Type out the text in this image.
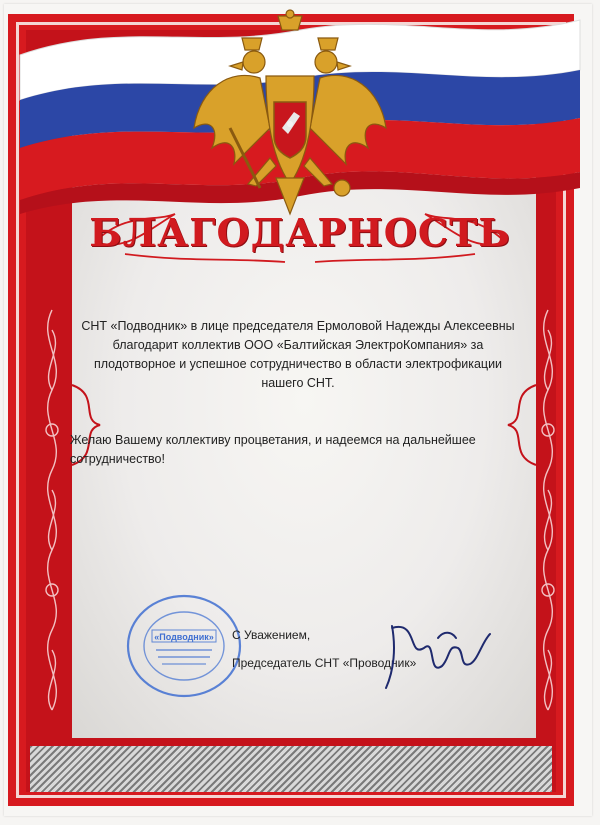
БЛАГОДАРНОСТЬ
СНТ «Подводник» в лице председателя Ермоловой Надежды Алексеевны благодарит коллектив ООО «Балтийская ЭлектроКомпания» за плодотворное и успешное сотрудничество в области электрофикации нашего СНТ.
Желаю Вашему коллективу процветания, и надеемся на дальнейшее сотрудничество!
«Подводник» С Уважением,
Председатель СНТ «Проводник»
